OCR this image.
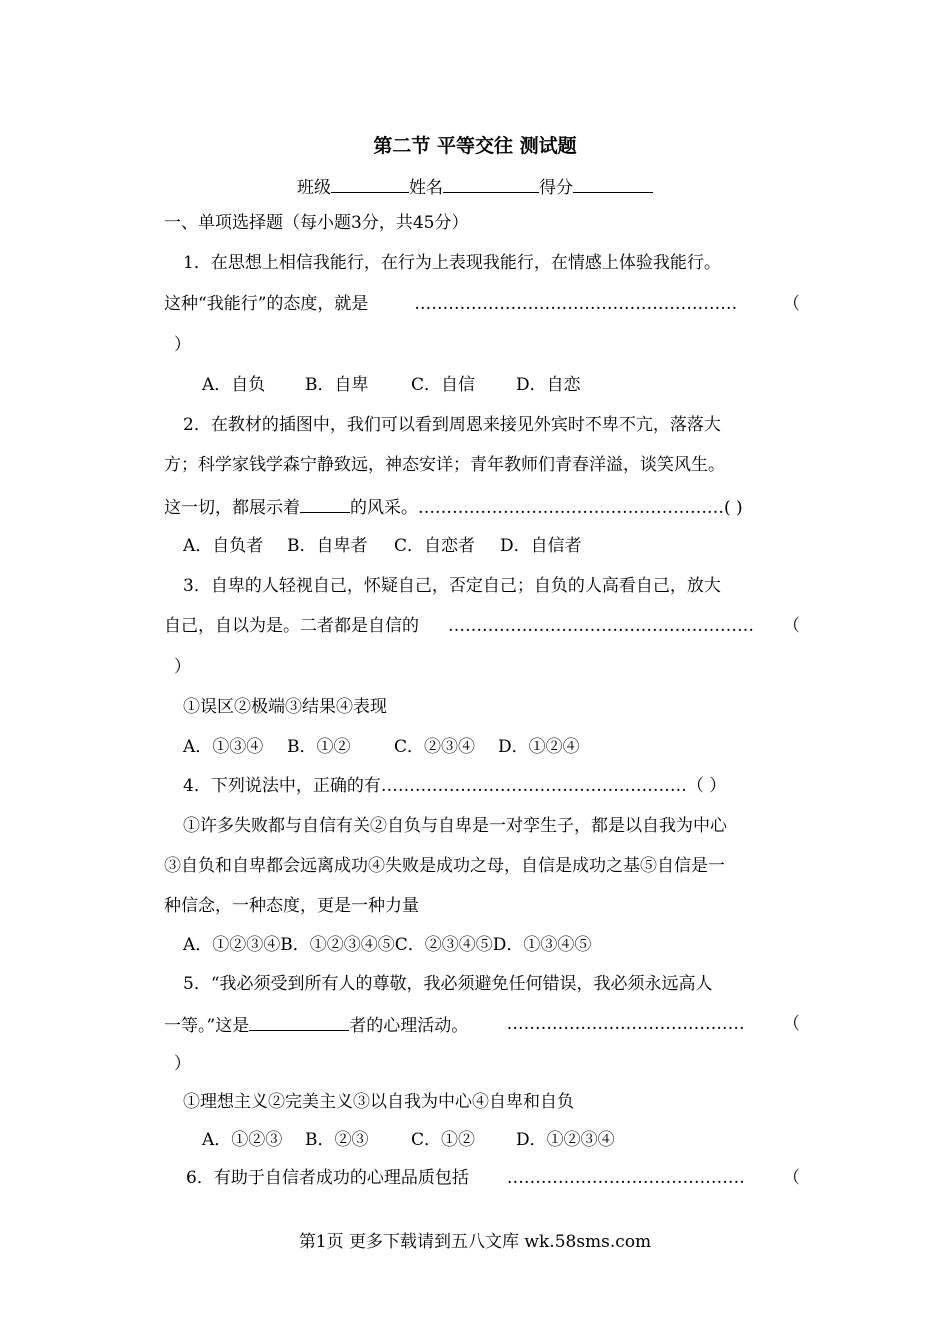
第二节 平等交往 测试题
班级	姓名	得分
一、单项选择题（每小题3分，共45分）
1．在思想上相信我能行，在行为上表现我能行，在情感上体验我能行。
这种“我能行”的态度，就是	…………………………………………………	（
）
A．自负 B．自卑	C．自信 D．自恋
2．在教材的插图中，我们可以看到周恩来接见外宾时不卑不亢，落落大
方；科学家钱学森宁静致远，神态安详；青年教师们青春洋溢，谈笑风生。
这一切，都展示着	的风采。………………………………………………( )
A．自负者 B．自卑者 C．自恋者 D．自信者
3．自卑的人轻视自己，怀疑自己，否定自己；自负的人高看自己，放大
自己，自以为是。二者都是自信的 ……………………………………………… （
）
①误区②极端③结果④表现
A．①③④ B．①②	C．②③④ D．①②④
4．下列说法中，正确的有………………………………………………（ ）
①许多失败都与自信有关②自负与自卑是一对孪生子，都是以自我为中心
③自负和自卑都会远离成功④失败是成功之母，自信是成功之基⑤自信是一
种信念，一种态度，更是一种力量
A．①②③④B．①②③④⑤C．②③④⑤D．①③④⑤
5．“我必须受到所有人的尊敬，我必须避免任何错误，我必须永远高人
一等。”这是	者的心理活动。 …………………………………… （
）
①理想主义②完美主义③以自我为中心④自卑和自负
A．①②③ B．②③	C．①② D．①②③④
6．有助于自信者成功的心理品质包括 …………………………………… （
第1页 更多下载请到五八文库 wk.58sms.com
